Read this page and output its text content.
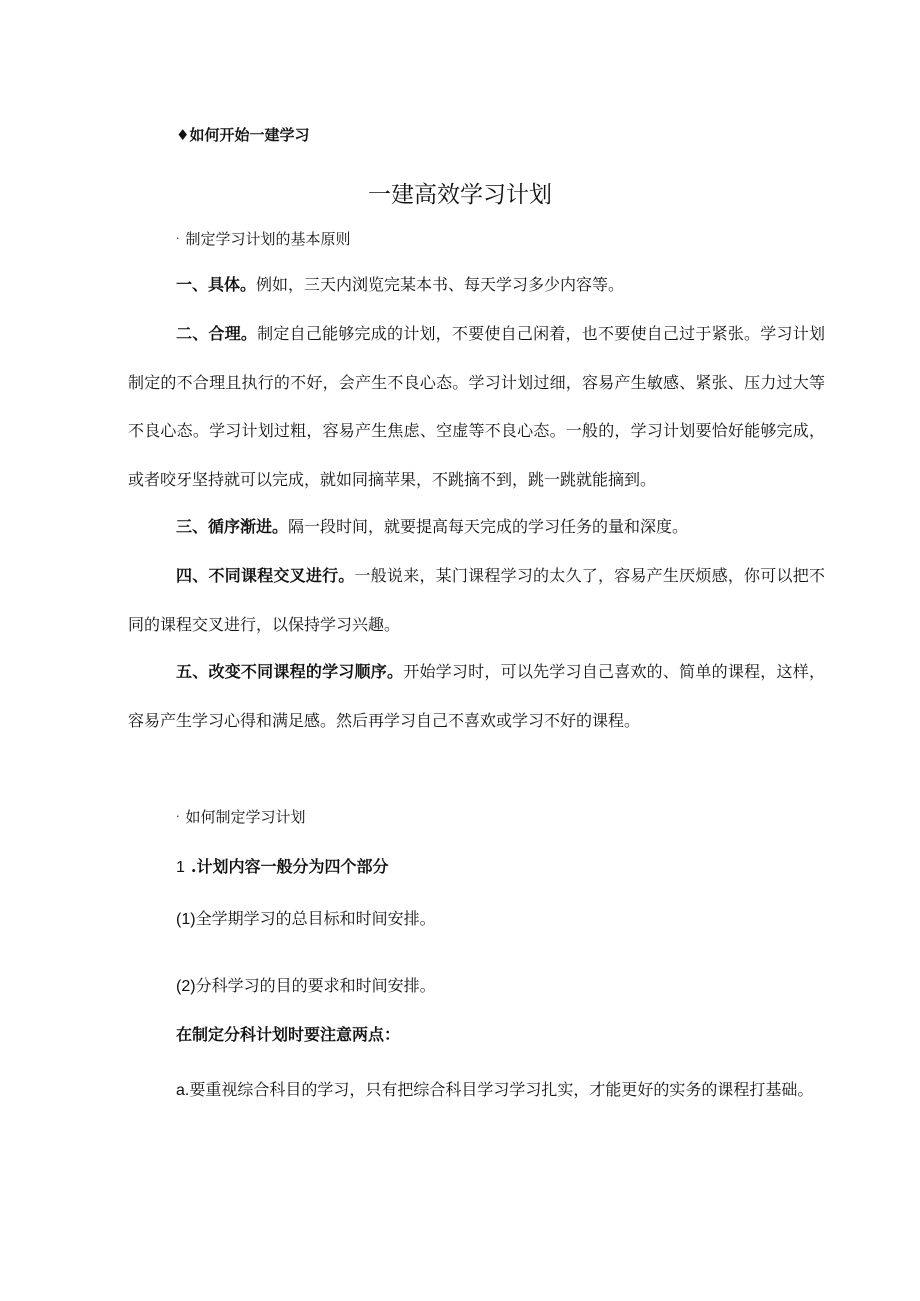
♦如何开始一建学习
一建高效学习计划
· 制定学习计划的基本原则

一、具体。例如，三天内浏览完某本书、每天学习多少内容等。

二、合理。制定自己能够完成的计划，不要使自己闲着，也不要使自己过于紧张。学习计划制定的不合理且执行的不好，会产生不良心态。学习计划过细，容易产生敏感、紧张、压力过大等不良心态。学习计划过粗，容易产生焦虑、空虚等不良心态。一般的，学习计划要恰好能够完成，或者咬牙坚持就可以完成，就如同摘苹果，不跳摘不到，跳一跳就能摘到。

三、循序渐进。隔一段时间，就要提高每天完成的学习任务的量和深度。

四、不同课程交叉进行。一般说来，某门课程学习的太久了，容易产生厌烦感，你可以把不同的课程交叉进行，以保持学习兴趣。

五、改变不同课程的学习顺序。开始学习时，可以先学习自己喜欢的、简单的课程，这样，容易产生学习心得和满足感。然后再学习自己不喜欢或学习不好的课程。

· 如何制定学习计划
1 .计划内容一般分为四个部分
(1)全学期学习的总目标和时间安排。
(2)分科学习的目的要求和时间安排。
在制定分科计划时要注意两点：

a.要重视综合科目的学习，只有把综合科目学习学习扎实，才能更好的实务的课程打基础。
